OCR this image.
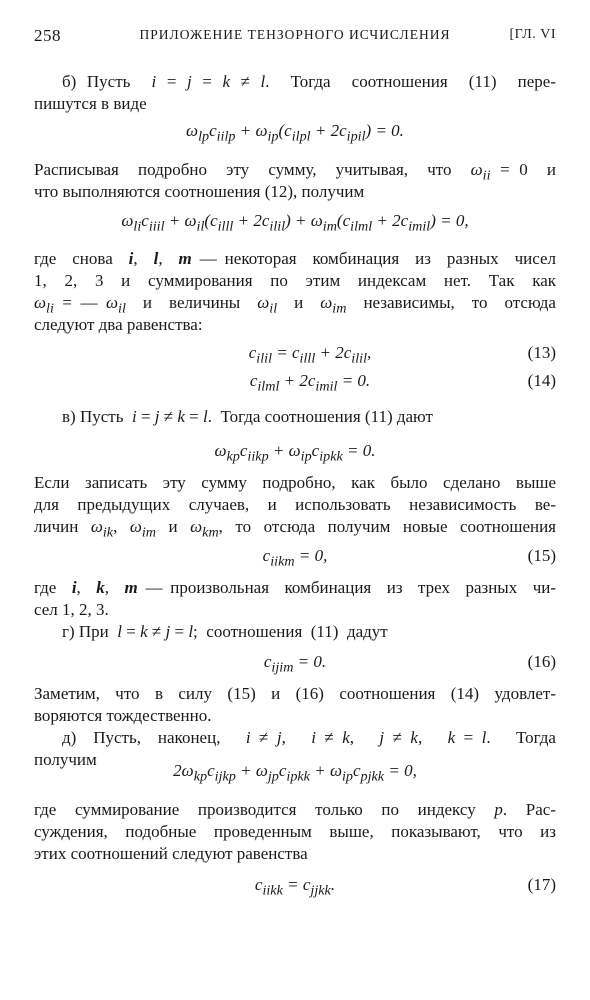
258	ПРИЛОЖЕНИЕ ТЕНЗОРНОГО ИСЧИСЛЕНИЯ	[ГЛ. VI
б) Пусть  i = j = k ≠ l.  Тогда  соотношения  (11)  пере-
пишутся в виде
$\omega_{lp}c_{iilp} + \omega_{ip}(c_{ilpl} + 2c_{ipil}) = 0$.
Расписывая  подробно  эту  сумму,  учитывая,  что  $\omega_{ii} = 0$  и
что выполняются соотношения (12), получим
$\omega_{li}c_{iiil} + \omega_{il}(c_{illl} + 2c_{ilil}) + \omega_{im}(c_{ilml} + 2c_{imil}) = 0$,
где  снова  i,  l,  m — некоторая  комбинация  из  разных  чисел
1, 2, 3 и суммирования по этим индексам нет. Так как
$\omega_{li}$ = — $\omega_{il}$  и  величины  $\omega_{il}$  и  $\omega_{im}$  независимы,  то  отсюда
следуют два равенства:
$c_{ilil} = c_{illl} + 2c_{ilil}$,	(13)
$c_{ilml} + 2c_{imil} = 0$.	(14)
в) Пусть  i = j ≠ k = l.  Тогда соотношения (11) дают
$\omega_{kp}c_{iikp} + \omega_{ip}c_{ipkk} = 0$.
Если записать эту сумму подробно, как было сделано выше
для предыдущих случаев, и использовать независимость ве-
личин  $\omega_{ik}$,  $\omega_{im}$  и  $\omega_{km}$,  то  отсюда  получим  новые  соотношения
$c_{iikm} = 0$,	(15)
где  i,  k,  m — произвольная  комбинация  из  трех  разных  чи-
сел 1, 2, 3.
г) При  l = k ≠ j = l;  соотношения  (11)  дадут
$c_{ijim} = 0$.	(16)
Заметим, что в силу (15) и (16) соотношения (14) удовлет-
воряются тождественно.
д)  Пусть,  наконец,   i ≠ j,   i ≠ k,   j ≠ k,   k = l.   Тогда
получим
$2\omega_{kp}c_{ijkp} + \omega_{jp}c_{ipkk} + \omega_{ip}c_{pjkk} = 0$,
где  суммирование  производится  только  по  индексу  p.  Рас-
суждения, подобные проведенным выше, показывают, что из
этих соотношений следуют равенства
$c_{iikk} = c_{jjkk}$.	(17)
